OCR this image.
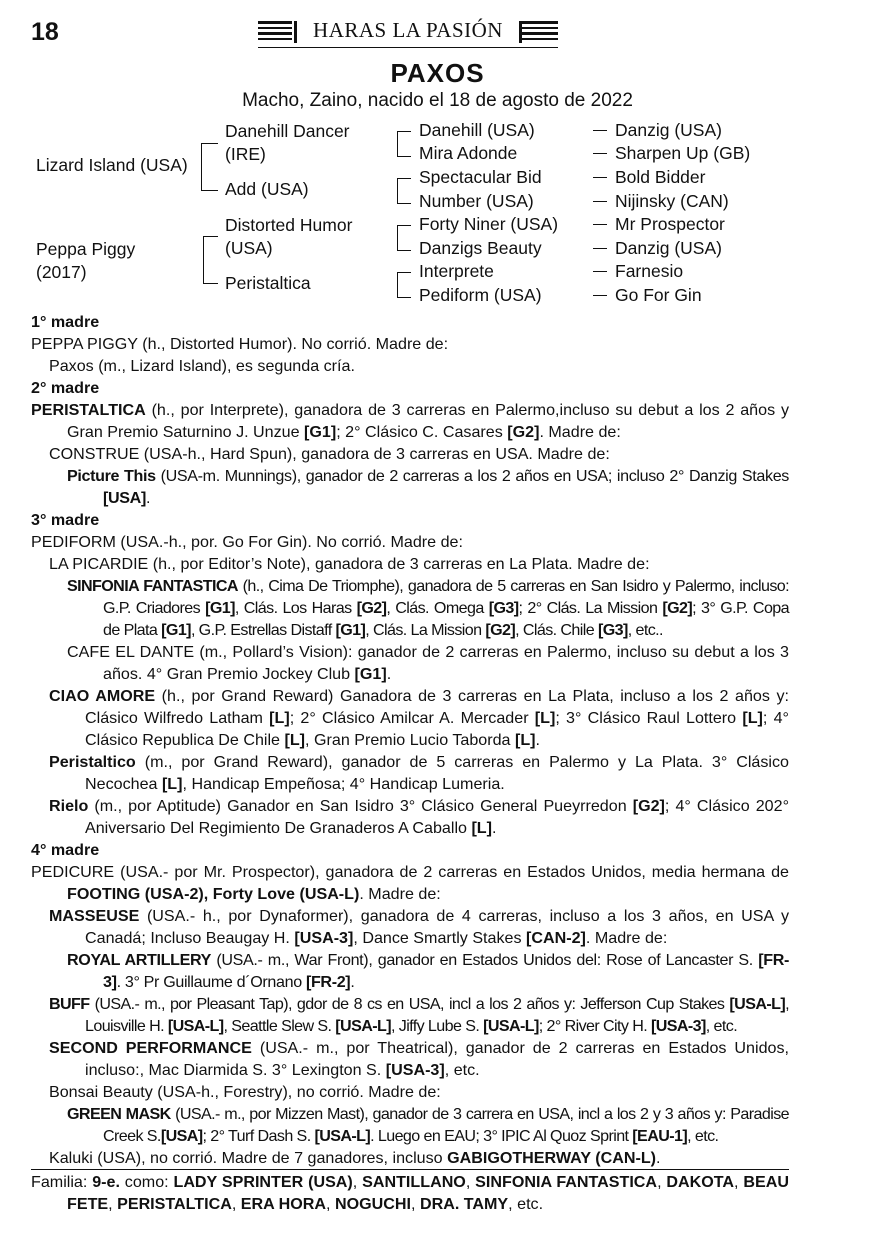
18	HARAS LA PASIÓN
PAXOS
Macho, Zaino, nacido el 18 de agosto de 2022
Lizard Island (USA)
Peppa Piggy
(2017)
Danehill Dancer
(IRE)
Add (USA)
Distorted Humor
(USA)
Peristaltica
Danehill (USA)
Mira Adonde
Spectacular Bid
Number (USA)
Forty Niner (USA)
Danzigs Beauty
Interprete
Pediform (USA)
Danzig (USA)
Sharpen Up (GB)
Bold Bidder
Nijinsky (CAN)
Mr Prospector
Danzig (USA)
Farnesio
Go For Gin
1° madre
PEPPA PIGGY (h., Distorted Humor). No corrió. Madre de:
Paxos (m., Lizard Island), es segunda cría.
2° madre
PERISTALTICA (h., por Interprete), ganadora de 3 carreras en Palermo,incluso su debut a los 2 años y Gran Premio Saturnino J. Unzue [G1]; 2° Clásico C. Casares [G2]. Madre de:
CONSTRUE (USA-h., Hard Spun), ganadora de 3 carreras en USA. Madre de:
Picture This (USA-m. Munnings), ganador de 2 carreras a los 2 años en USA; incluso 2° Danzig Stakes [USA].
3° madre
PEDIFORM (USA.-h., por. Go For Gin). No corrió. Madre de:
LA PICARDIE (h., por Editor’s Note), ganadora de 3 carreras en La Plata. Madre de:
SINFONIA FANTASTICA (h., Cima De Triomphe), ganadora de 5 carreras en San Isidro y Palermo, incluso: G.P. Criadores [G1], Clás. Los Haras [G2], Clás. Omega [G3]; 2° Clás. La Mission [G2]; 3° G.P. Copa de Plata [G1], G.P. Estrellas Distaff [G1], Clás. La Mission [G2], Clás. Chile [G3], etc..
CAFE EL DANTE (m., Pollard’s Vision): ganador de 2 carreras en Palermo, incluso su debut a los 3 años. 4° Gran Premio Jockey Club [G1].
CIAO AMORE (h., por Grand Reward) Ganadora de 3 carreras en La Plata, incluso a los 2 años y: Clásico Wilfredo Latham [L]; 2° Clásico Amilcar A. Mercader [L]; 3° Clásico Raul Lottero [L]; 4° Clásico Republica De Chile [L], Gran Premio Lucio Taborda [L].
Peristaltico (m., por Grand Reward), ganador de 5 carreras en Palermo y La Plata. 3° Clásico Necochea [L], Handicap Empeñosa; 4° Handicap Lumeria.
Rielo (m., por Aptitude) Ganador en San Isidro 3° Clásico General Pueyrredon [G2]; 4° Clásico 202° Aniversario Del Regimiento De Granaderos A Caballo [L].
4° madre
PEDICURE (USA.- por Mr. Prospector), ganadora de 2 carreras en Estados Unidos, media hermana de FOOTING (USA-2), Forty Love (USA-L). Madre de:
MASSEUSE (USA.- h., por Dynaformer), ganadora de 4 carreras, incluso a los 3 años, en USA y Canadá; Incluso Beaugay H. [USA-3], Dance Smartly Stakes [CAN-2]. Madre de:
ROYAL ARTILLERY (USA.- m., War Front), ganador en Estados Unidos del: Rose of Lancaster S. [FR-3]. 3° Pr Guillaume d´Ornano [FR-2].
BUFF (USA.- m., por Pleasant Tap), gdor de 8 cs en USA, incl a los 2 años y: Jefferson Cup Stakes [USA-L], Louisville H. [USA-L], Seattle Slew S. [USA-L], Jiffy Lube S. [USA-L]; 2° River City H. [USA-3], etc.
SECOND PERFORMANCE (USA.- m., por Theatrical), ganador de 2 carreras en Estados Unidos, incluso:, Mac Diarmida S. 3° Lexington S. [USA-3], etc.
Bonsai Beauty (USA-h., Forestry), no corrió. Madre de:
GREEN MASK (USA.- m., por Mizzen Mast), ganador de 3 carrera en USA, incl a los 2 y 3 años y: Paradise Creek S.[USA]; 2° Turf Dash S. [USA-L]. Luego en EAU; 3° IPIC Al Quoz Sprint [EAU-1], etc.
Kaluki (USA), no corrió. Madre de 7 ganadores, incluso GABIGOTHERWAY (CAN-L).
Familia: 9-e. como: LADY SPRINTER (USA), SANTILLANO, SINFONIA FANTASTICA, DAKOTA, BEAU FETE, PERISTALTICA, ERA HORA, NOGUCHI, DRA. TAMY, etc.
